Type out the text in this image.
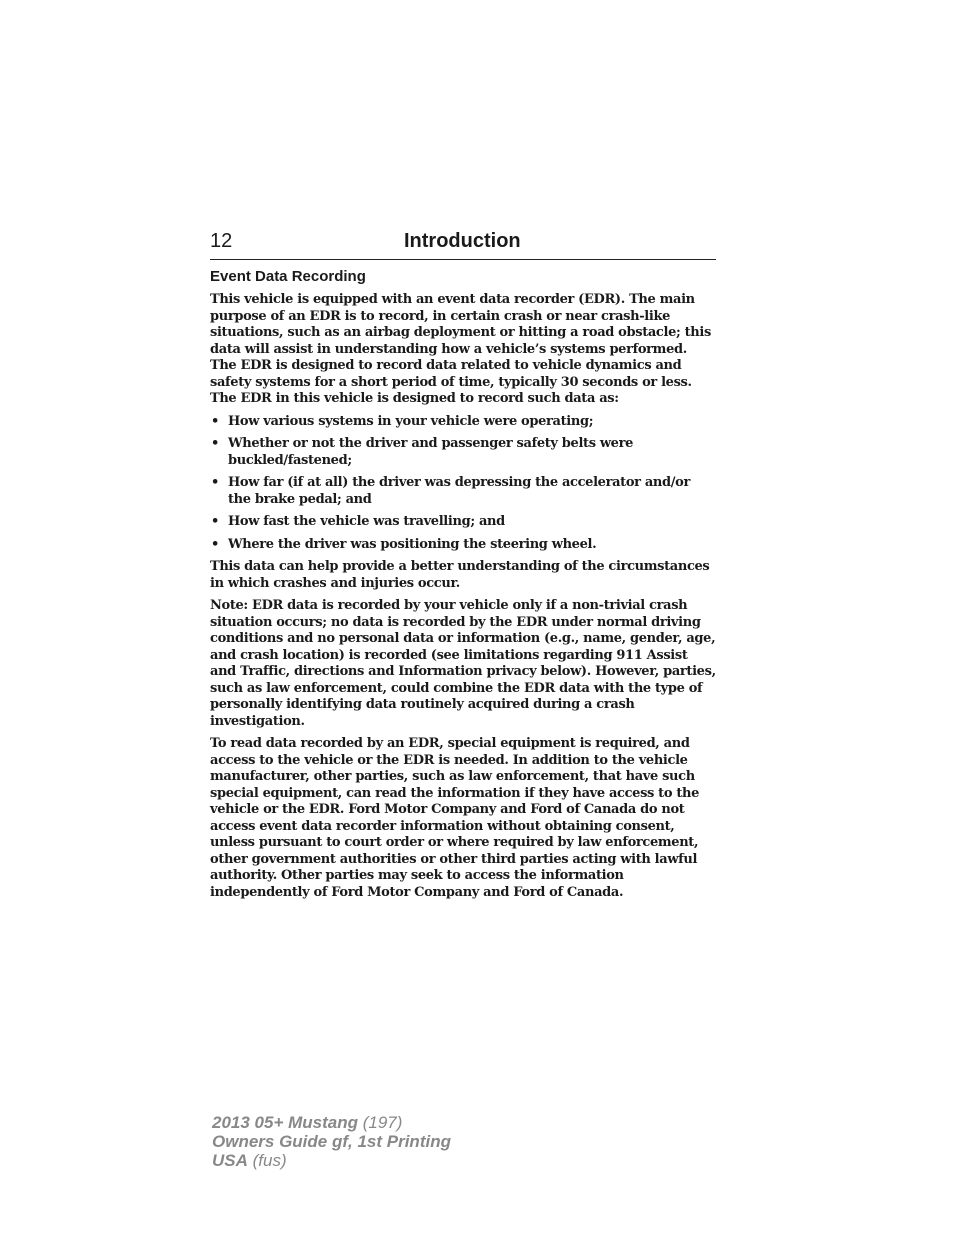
12	Introduction
Event Data Recording

This vehicle is equipped with an event data recorder (EDR). The main purpose of an EDR is to record, in certain crash or near crash-like situations, such as an airbag deployment or hitting a road obstacle; this data will assist in understanding how a vehicle’s systems performed. The EDR is designed to record data related to vehicle dynamics and safety systems for a short period of time, typically 30 seconds or less. The EDR in this vehicle is designed to record such data as:

• How various systems in your vehicle were operating;
• Whether or not the driver and passenger safety belts were buckled/fastened;
• How far (if at all) the driver was depressing the accelerator and/or the brake pedal; and
• How fast the vehicle was travelling; and
• Where the driver was positioning the steering wheel.

This data can help provide a better understanding of the circumstances in which crashes and injuries occur.

Note: EDR data is recorded by your vehicle only if a non-trivial crash situation occurs; no data is recorded by the EDR under normal driving conditions and no personal data or information (e.g., name, gender, age, and crash location) is recorded (see limitations regarding 911 Assist and Traffic, directions and Information privacy below). However, parties, such as law enforcement, could combine the EDR data with the type of personally identifying data routinely acquired during a crash investigation.

To read data recorded by an EDR, special equipment is required, and access to the vehicle or the EDR is needed. In addition to the vehicle manufacturer, other parties, such as law enforcement, that have such special equipment, can read the information if they have access to the vehicle or the EDR. Ford Motor Company and Ford of Canada do not access event data recorder information without obtaining consent, unless pursuant to court order or where required by law enforcement, other government authorities or other third parties acting with lawful authority. Other parties may seek to access the information independently of Ford Motor Company and Ford of Canada.

2013 05+ Mustang (197)
Owners Guide gf, 1st Printing
USA (fus)
